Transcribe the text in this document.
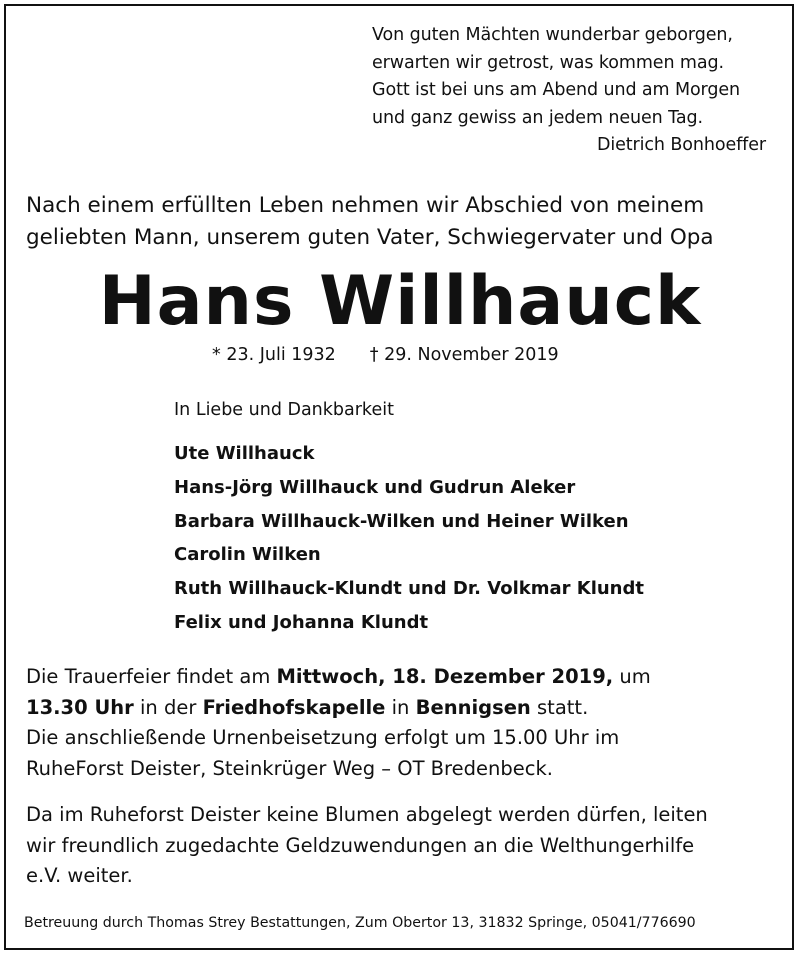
Von guten Mächten wunderbar geborgen,
erwarten wir getrost, was kommen mag.
Gott ist bei uns am Abend und am Morgen
und ganz gewiss an jedem neuen Tag.
Dietrich Bonhoeffer
Nach einem erfüllten Leben nehmen wir Abschied von meinem
geliebten Mann, unserem guten Vater, Schwiegervater und Opa
Hans Willhauck
* 23. Juli 1932 † 29. November 2019
In Liebe und Dankbarkeit
Ute Willhauck
Hans-Jörg Willhauck und Gudrun Aleker
Barbara Willhauck-Wilken und Heiner Wilken
Carolin Wilken
Ruth Willhauck-Klundt und Dr. Volkmar Klundt
Felix und Johanna Klundt
Die Trauerfeier findet am Mittwoch, 18. Dezember 2019, um
13.30 Uhr in der Friedhofskapelle in Bennigsen statt.
Die anschließende Urnenbeisetzung erfolgt um 15.00 Uhr im
RuheForst Deister, Steinkrüger Weg – OT Bredenbeck.
Da im Ruheforst Deister keine Blumen abgelegt werden dürfen, leiten
wir freundlich zugedachte Geldzuwendungen an die Welthungerhilfe
e.V. weiter.
Betreuung durch Thomas Strey Bestattungen, Zum Obertor 13, 31832 Springe, 05041/776690
